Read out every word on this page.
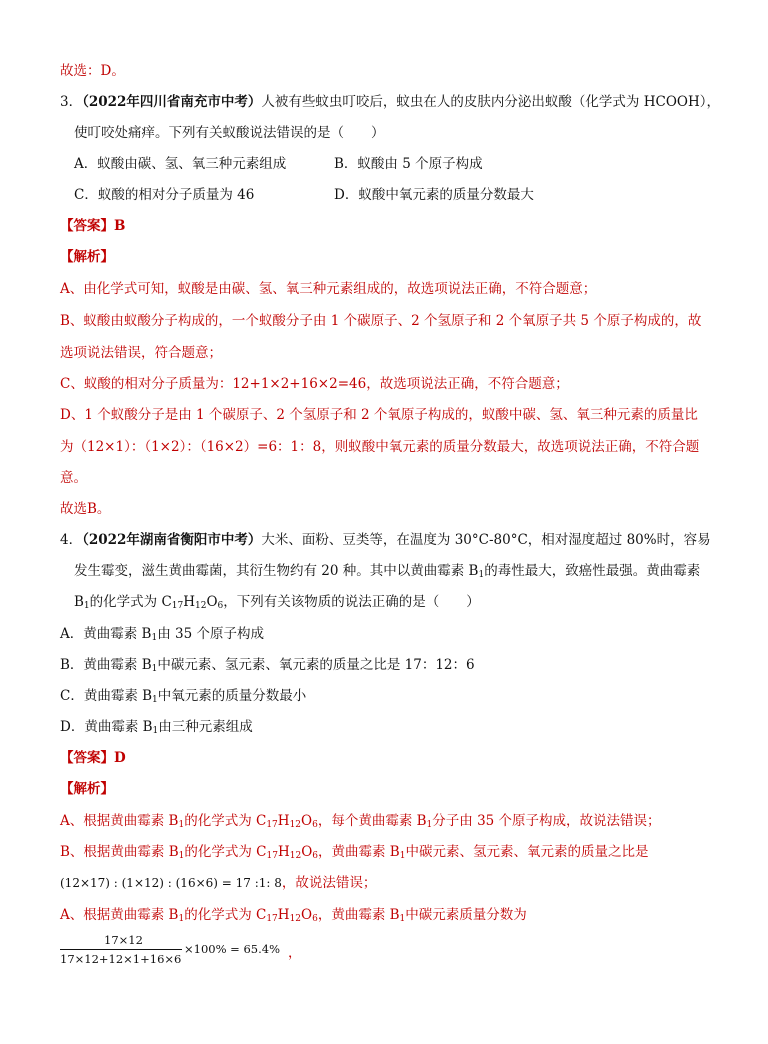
故选：D。
3．（2022年四川省南充市中考）人被有些蚊虫叮咬后，蚊虫在人的皮肤内分泌出蚁酸（化学式为 HCOOH），
使叮咬处痛痒。下列有关蚁酸说法错误的是（　　）
A．蚁酸由碳、氢、氧三种元素组成	B．蚁酸由 5 个原子构成
C．蚁酸的相对分子质量为 46	D．蚁酸中氧元素的质量分数最大
【答案】B
【解析】
A、由化学式可知，蚁酸是由碳、氢、氧三种元素组成的，故选项说法正确，不符合题意；
B、蚁酸由蚁酸分子构成的，一个蚁酸分子由 1 个碳原子、2 个氢原子和 2 个氧原子共 5 个原子构成的，故
选项说法错误，符合题意；
C、蚁酸的相对分子质量为：12+1×2+16×2=46，故选项说法正确，不符合题意；
D、1 个蚁酸分子是由 1 个碳原子、2 个氢原子和 2 个氧原子构成的，蚁酸中碳、氢、氧三种元素的质量比
为（12×1）：（1×2）：（16×2）=6：1：8，则蚁酸中氧元素的质量分数最大，故选项说法正确，不符合题
意。
故选B。
4．（2022年湖南省衡阳市中考）大米、面粉、豆类等，在温度为 30°C-80°C，相对湿度超过 80%时，容易
发生霉变，滋生黄曲霉菌，其衍生物约有 20 种。其中以黄曲霉素 $B_1$的毒性最大，致癌性最强。黄曲霉素
$B_1$的化学式为 $C_{17}H_{12}O_6$，下列有关该物质的说法正确的是（　　）
A．黄曲霉素 $B_1$由 35 个原子构成
B．黄曲霉素 $B_1$中碳元素、氢元素、氧元素的质量之比是 17：12：6
C．黄曲霉素 $B_1$中氧元素的质量分数最小
D．黄曲霉素 $B_1$由三种元素组成
【答案】D
【解析】
A、根据黄曲霉素 $B_1$的化学式为 $C_{17}H_{12}O_6$，每个黄曲霉素 $B_1$分子由 35 个原子构成，故说法错误；
B、根据黄曲霉素 $B_1$的化学式为 $C_{17}H_{12}O_6$，黄曲霉素 $B_1$中碳元素、氢元素、氧元素的质量之比是
(12×17) : (1×12) : (16×6) = 17 :1: 8，故说法错误；
A、根据黄曲霉素 $B_1$的化学式为 $C_{17}H_{12}O_6$，黄曲霉素 $B_1$中碳元素质量分数为
17×12
17×12+12×1+16×6
×100% = 65.4% ，
